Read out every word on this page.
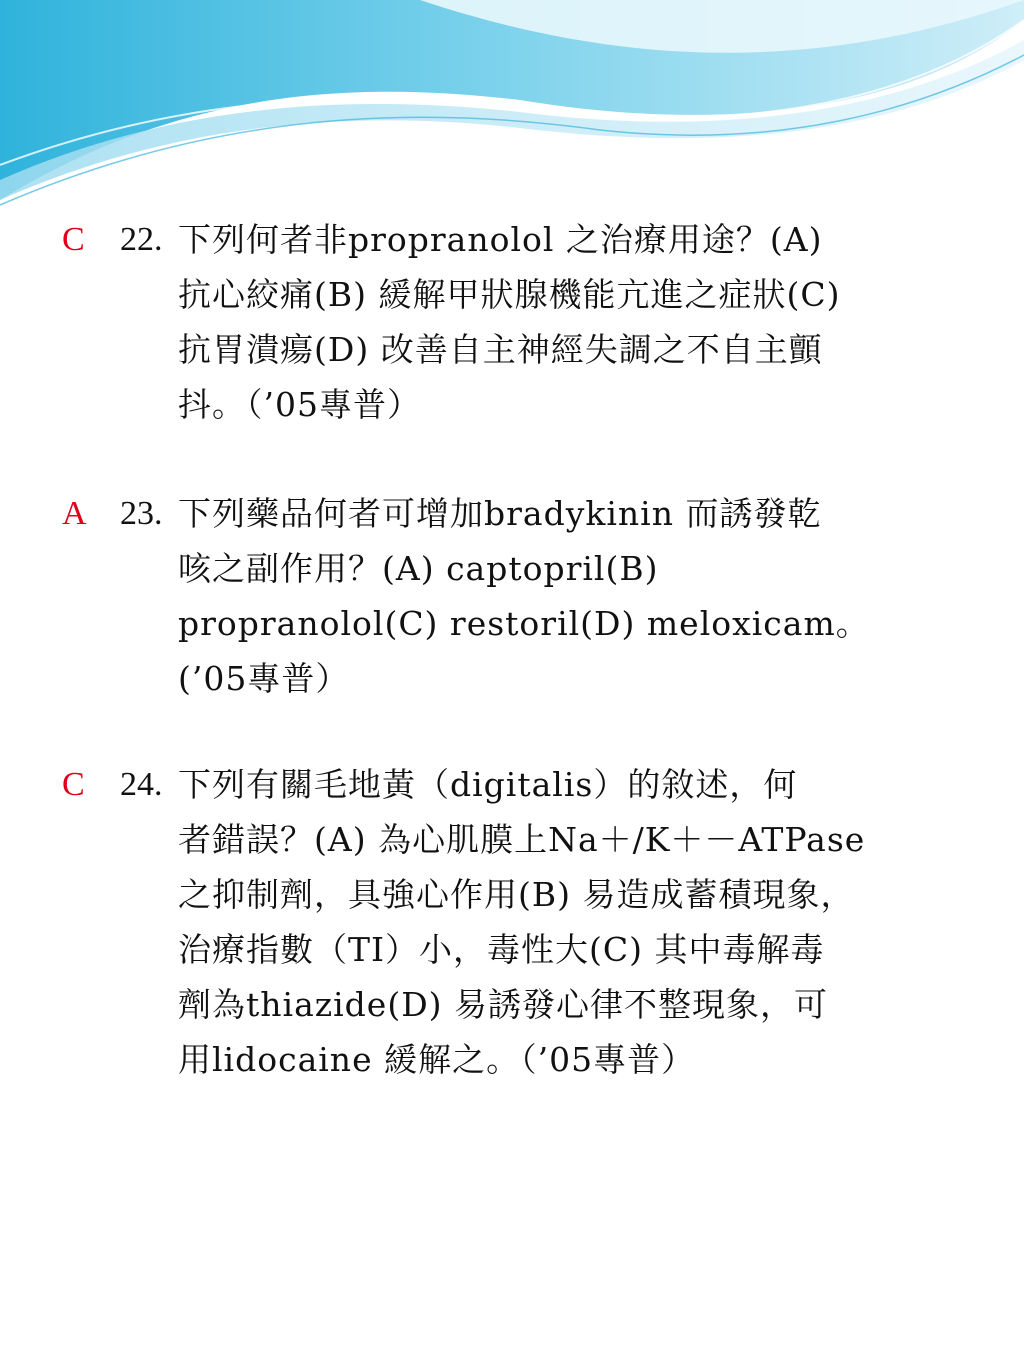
C 22. 下列何者非propranolol 之治療用途？(A)
抗心絞痛(B) 緩解甲狀腺機能亢進之症狀(C)
抗胃潰瘍(D) 改善自主神經失調之不自主顫
抖。（’05專普）
A 23. 下列藥品何者可增加bradykinin 而誘發乾
咳之副作用？(A) captopril(B)
propranolol(C) restoril(D) meloxicam。
(’05專普）
C 24. 下列有關毛地黃（digitalis）的敘述，何
者錯誤？(A) 為心肌膜上Na＋/K＋－ATPase
之抑制劑，具強心作用(B) 易造成蓄積現象，
治療指數（TI）小，毒性大(C) 其中毒解毒
劑為thiazide(D) 易誘發心律不整現象，可
用lidocaine 緩解之。（’05專普）
